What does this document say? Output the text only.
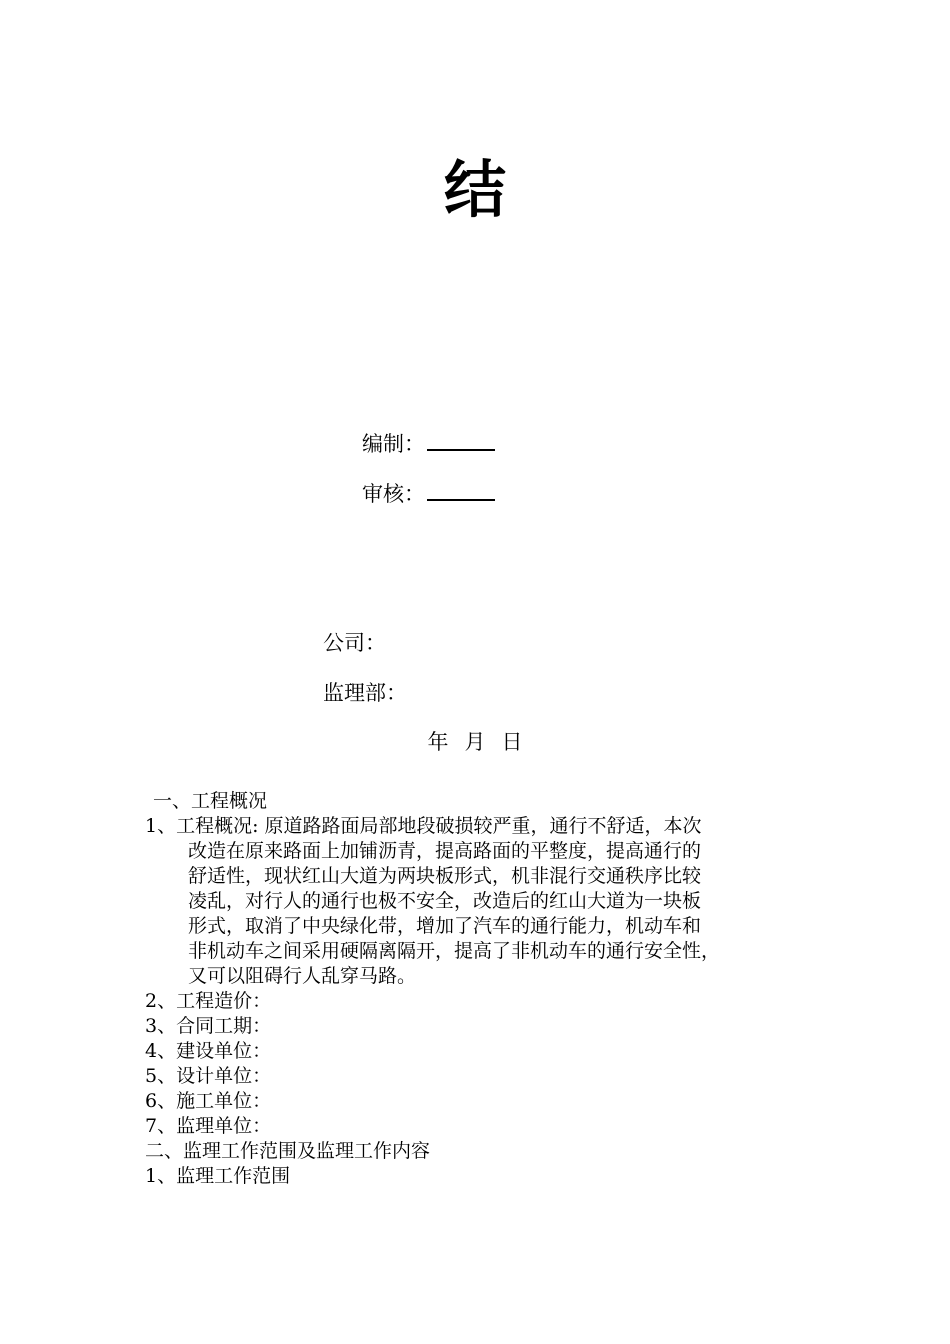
结
编制：
审核：
公司：
监理部：
年 月 日
一、工程概况
1、工程概况: 原道路路面局部地段破损较严重，通行不舒适，本次
改造在原来路面上加铺沥青，提高路面的平整度，提高通行的
舒适性，现状红山大道为两块板形式，机非混行交通秩序比较
凌乱，对行人的通行也极不安全，改造后的红山大道为一块板
形式，取消了中央绿化带，增加了汽车的通行能力，机动车和
非机动车之间采用硬隔离隔开，提高了非机动车的通行安全性，
又可以阻碍行人乱穿马路。
2、工程造价：
3、合同工期：
4、建设单位：
5、设计单位：
6、施工单位：
7、监理单位：
二、监理工作范围及监理工作内容
1、监理工作范围
